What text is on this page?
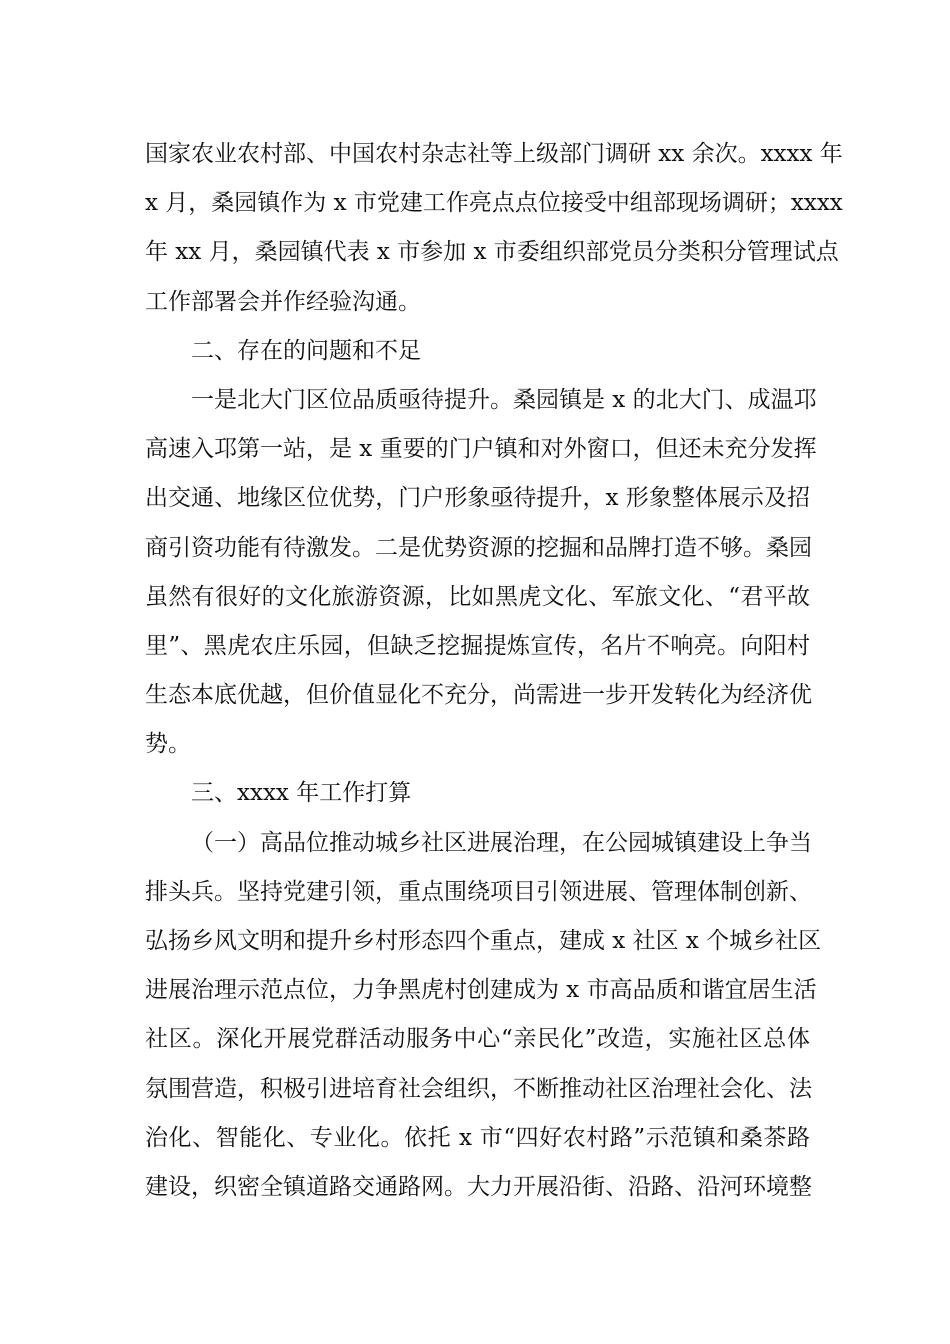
国家农业农村部、中国农村杂志社等上级部门调研 xx 余次。xxxx 年
x 月，桑园镇作为 x 市党建工作亮点点位接受中组部现场调研；xxxx
年 xx 月，桑园镇代表 x 市参加 x 市委组织部党员分类积分管理试点
工作部署会并作经验沟通。
二、存在的问题和不足
一是北大门区位品质亟待提升。桑园镇是 x 的北大门、成温邛
高速入邛第一站，是 x 重要的门户镇和对外窗口，但还未充分发挥
出交通、地缘区位优势，门户形象亟待提升，x 形象整体展示及招
商引资功能有待激发。二是优势资源的挖掘和品牌打造不够。桑园
虽然有很好的文化旅游资源，比如黑虎文化、军旅文化、“君平故
里”、黑虎农庄乐园，但缺乏挖掘提炼宣传，名片不响亮。向阳村
生态本底优越，但价值显化不充分，尚需进一步开发转化为经济优
势。
三、xxxx 年工作打算
（一）高品位推动城乡社区进展治理，在公园城镇建设上争当
排头兵。坚持党建引领，重点围绕项目引领进展、管理体制创新、
弘扬乡风文明和提升乡村形态四个重点，建成 x 社区 x 个城乡社区
进展治理示范点位，力争黑虎村创建成为 x 市高品质和谐宜居生活
社区。深化开展党群活动服务中心“亲民化”改造，实施社区总体
氛围营造，积极引进培育社会组织，不断推动社区治理社会化、法
治化、智能化、专业化。依托 x 市“四好农村路”示范镇和桑茶路
建设，织密全镇道路交通路网。大力开展沿街、沿路、沿河环境整
